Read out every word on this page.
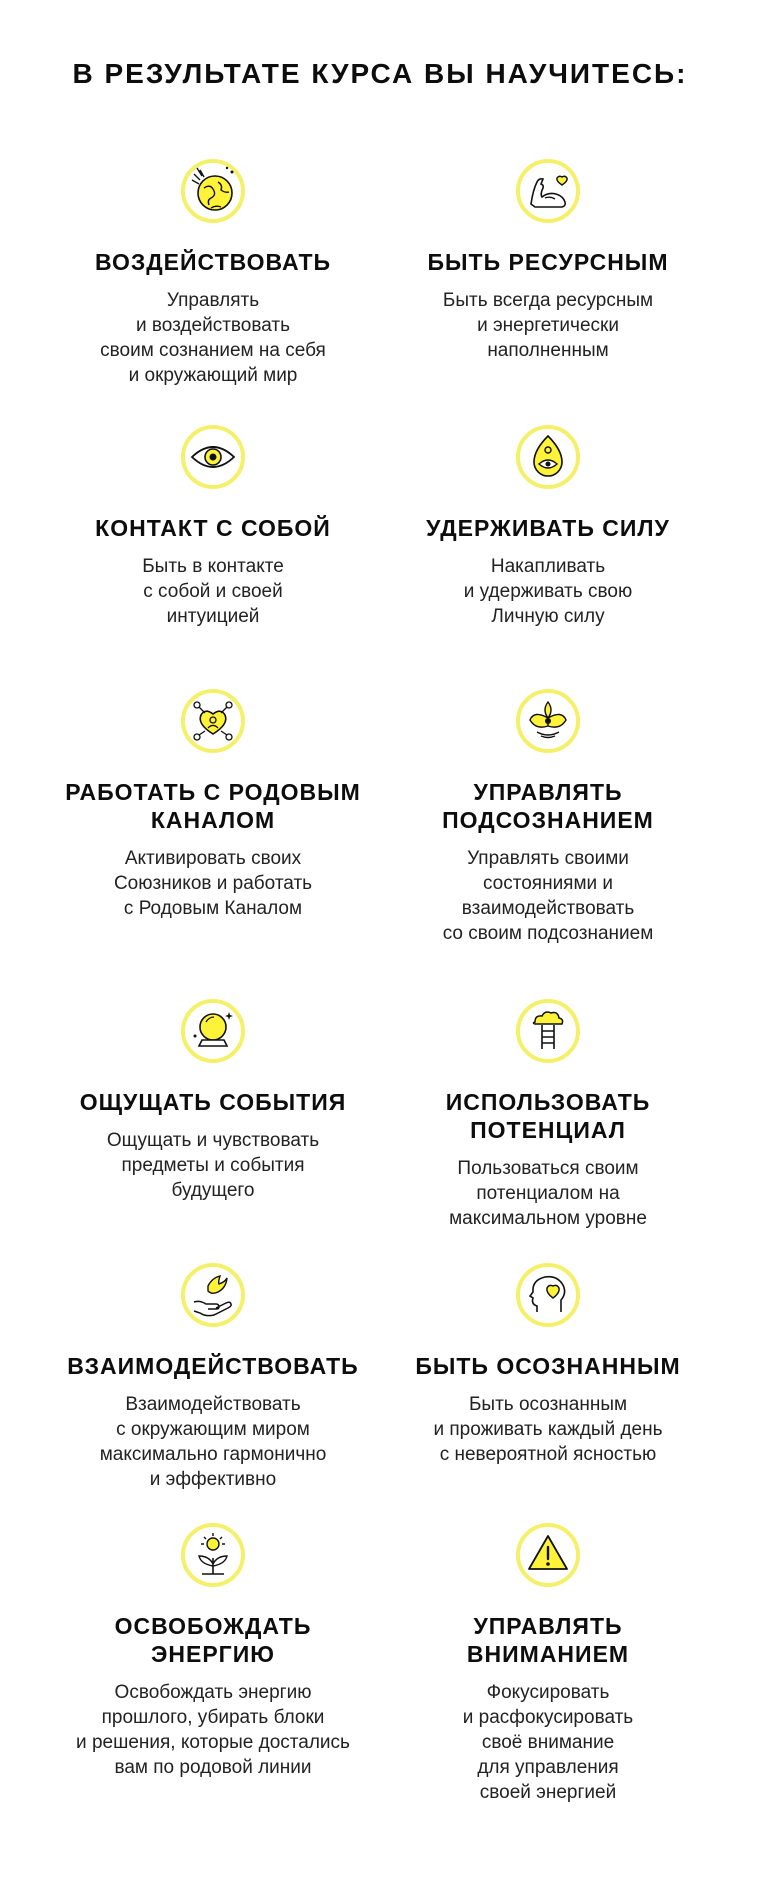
В РЕЗУЛЬТАТЕ КУРСА ВЫ НАУЧИТЕСЬ:
ВОЗДЕЙСТВОВАТЬ
Управлять
и воздействовать
своим сознанием на себя
и окружающий мир
БЫТЬ РЕСУРСНЫМ
Быть всегда ресурсным
и энергетически
наполненным
КОНТАКТ С СОБОЙ
Быть в контакте
с собой и своей
интуицией
УДЕРЖИВАТЬ СИЛУ
Накапливать
и удерживать свою
Личную силу
РАБОТАТЬ С РОДОВЫМ
КАНАЛОМ
Активировать своих
Союзников и работать
с Родовым Каналом
УПРАВЛЯТЬ
ПОДСОЗНАНИЕМ
Управлять своими
состояниями и
взаимодействовать
со своим подсознанием
ОЩУЩАТЬ СОБЫТИЯ
Ощущать и чувствовать
предметы и события
будущего
ИСПОЛЬЗОВАТЬ
ПОТЕНЦИАЛ
Пользоваться своим
потенциалом на
максимальном уровне
ВЗАИМОДЕЙСТВОВАТЬ
Взаимодействовать
с окружающим миром
максимально гармонично
и эффективно
БЫТЬ ОСОЗНАННЫМ
Быть осознанным
и проживать каждый день
с невероятной ясностью
ОСВОБОЖДАТЬ
ЭНЕРГИЮ
Освобождать энергию
прошлого, убирать блоки
и решения, которые достались
вам по родовой линии
УПРАВЛЯТЬ
ВНИМАНИЕМ
Фокусировать
и расфокусировать
своё внимание
для управления
своей энергией
